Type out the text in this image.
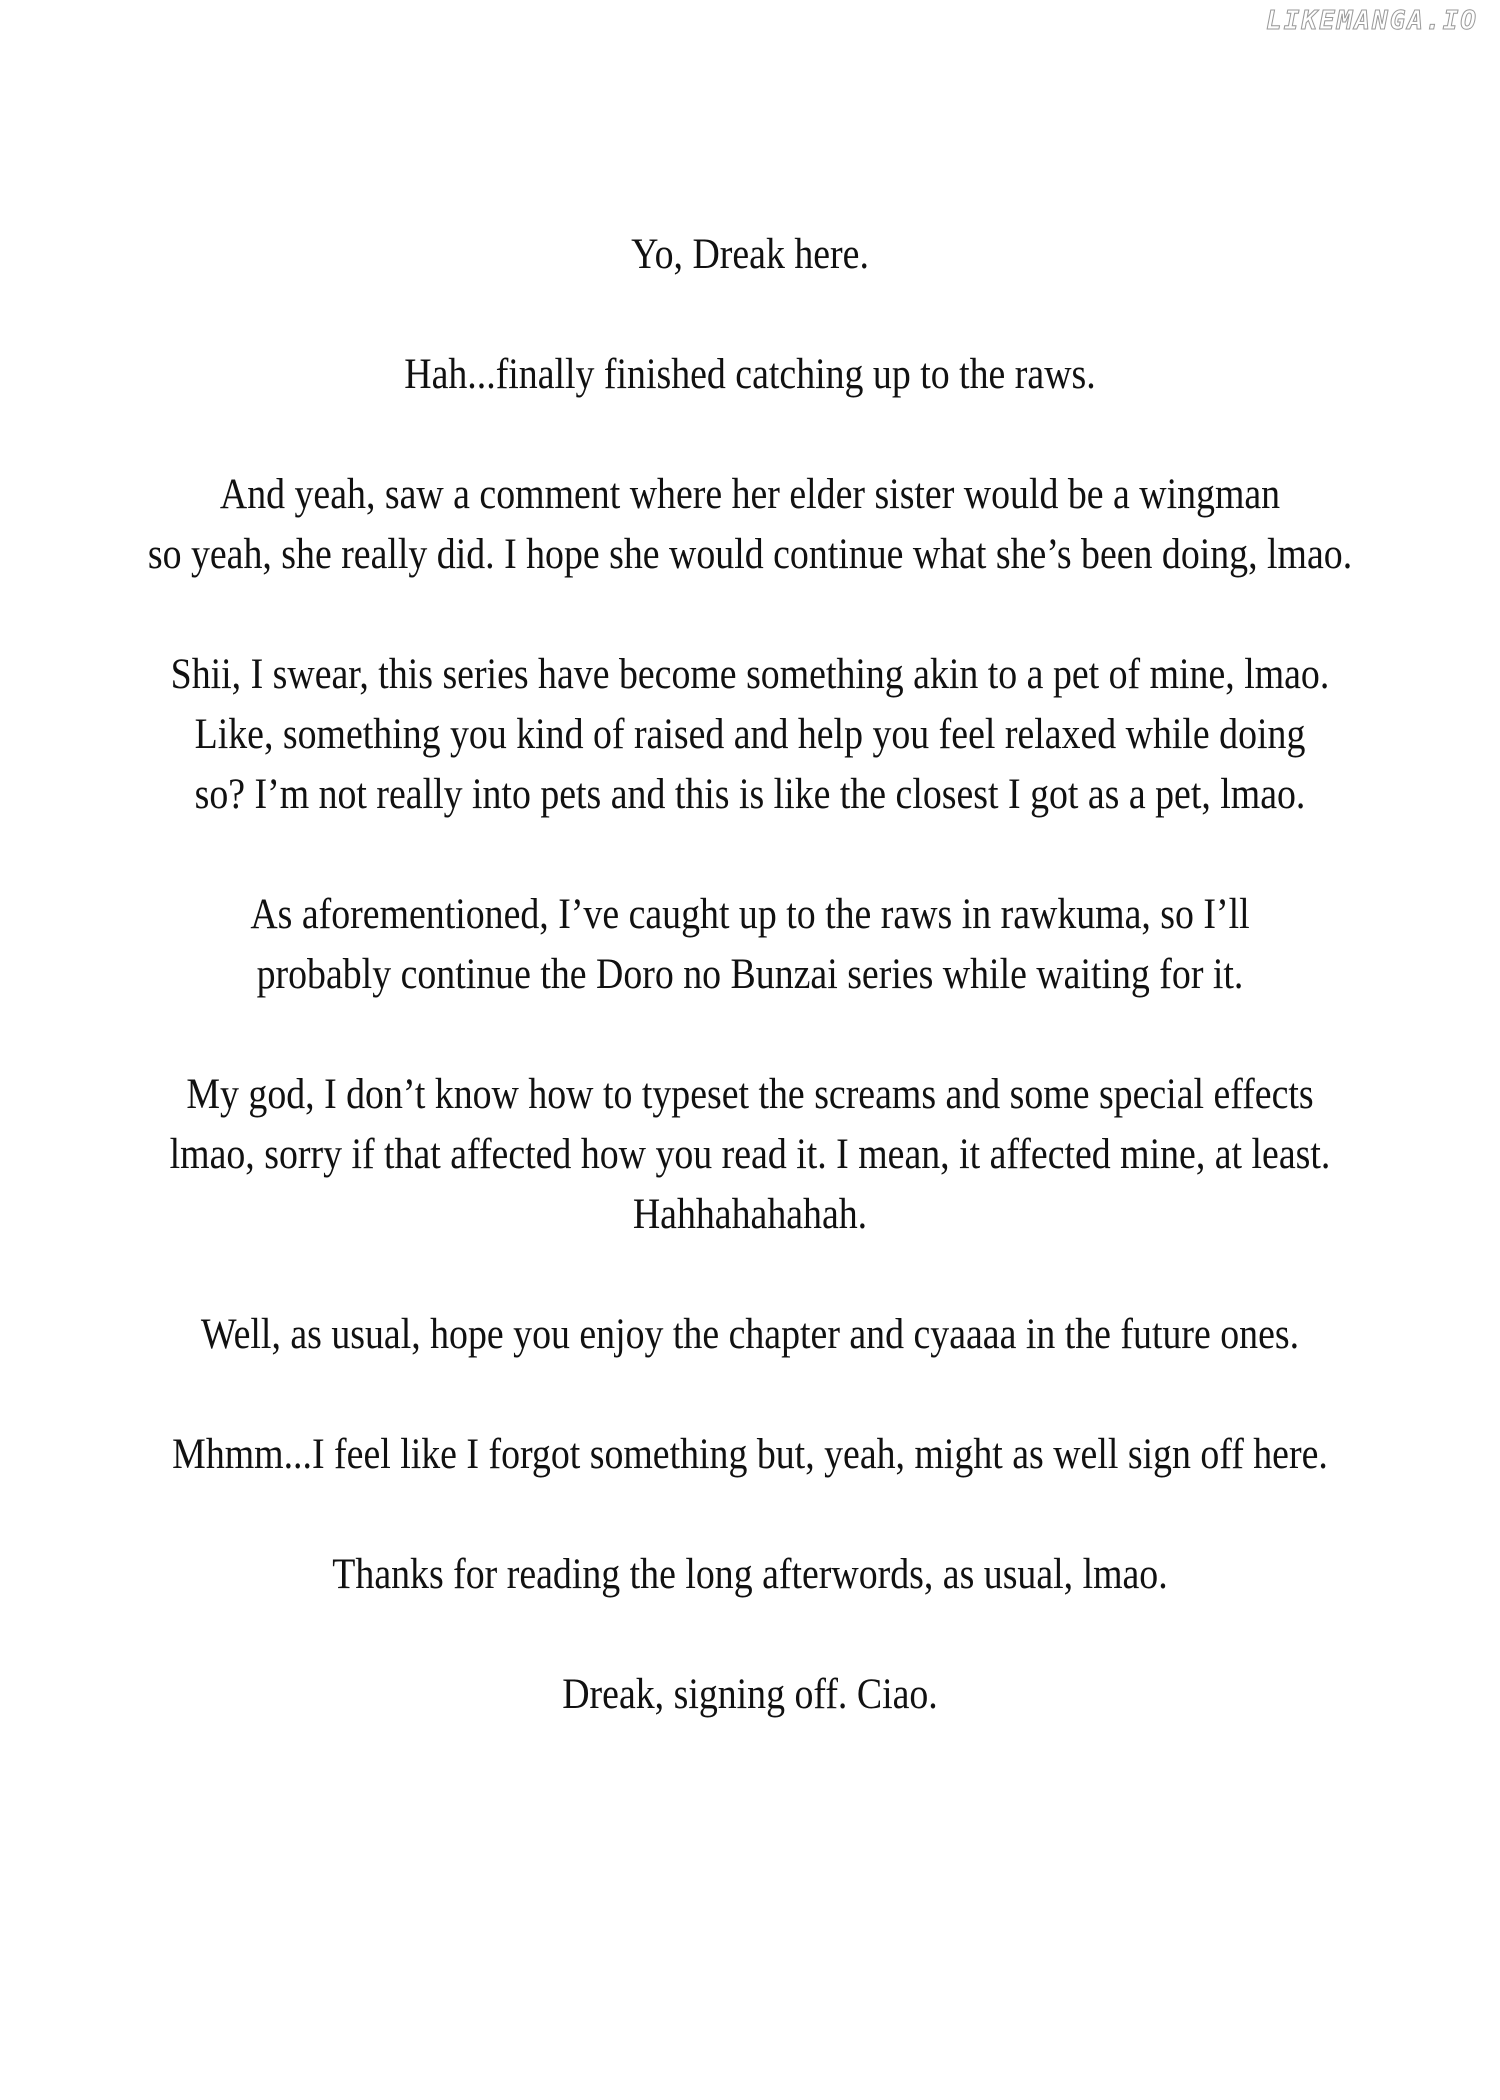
LIKEMANGA.IO

Yo, Dreak here.

Hah...finally finished catching up to the raws.

And yeah, saw a comment where her elder sister would be a wingman
so yeah, she really did. I hope she would continue what she’s been doing, lmao.

Shii, I swear, this series have become something akin to a pet of mine, lmao.
Like, something you kind of raised and help you feel relaxed while doing
so? I’m not really into pets and this is like the closest I got as a pet, lmao.

As aforementioned, I’ve caught up to the raws in rawkuma, so I’ll
probably continue the Doro no Bunzai series while waiting for it.

My god, I don’t know how to typeset the screams and some special effects
lmao, sorry if that affected how you read it. I mean, it affected mine, at least.
Hahhahahahah.

Well, as usual, hope you enjoy the chapter and cyaaaa in the future ones.

Mhmm...I feel like I forgot something but, yeah, might as well sign off here.

Thanks for reading the long afterwords, as usual, lmao.

Dreak, signing off. Ciao.
